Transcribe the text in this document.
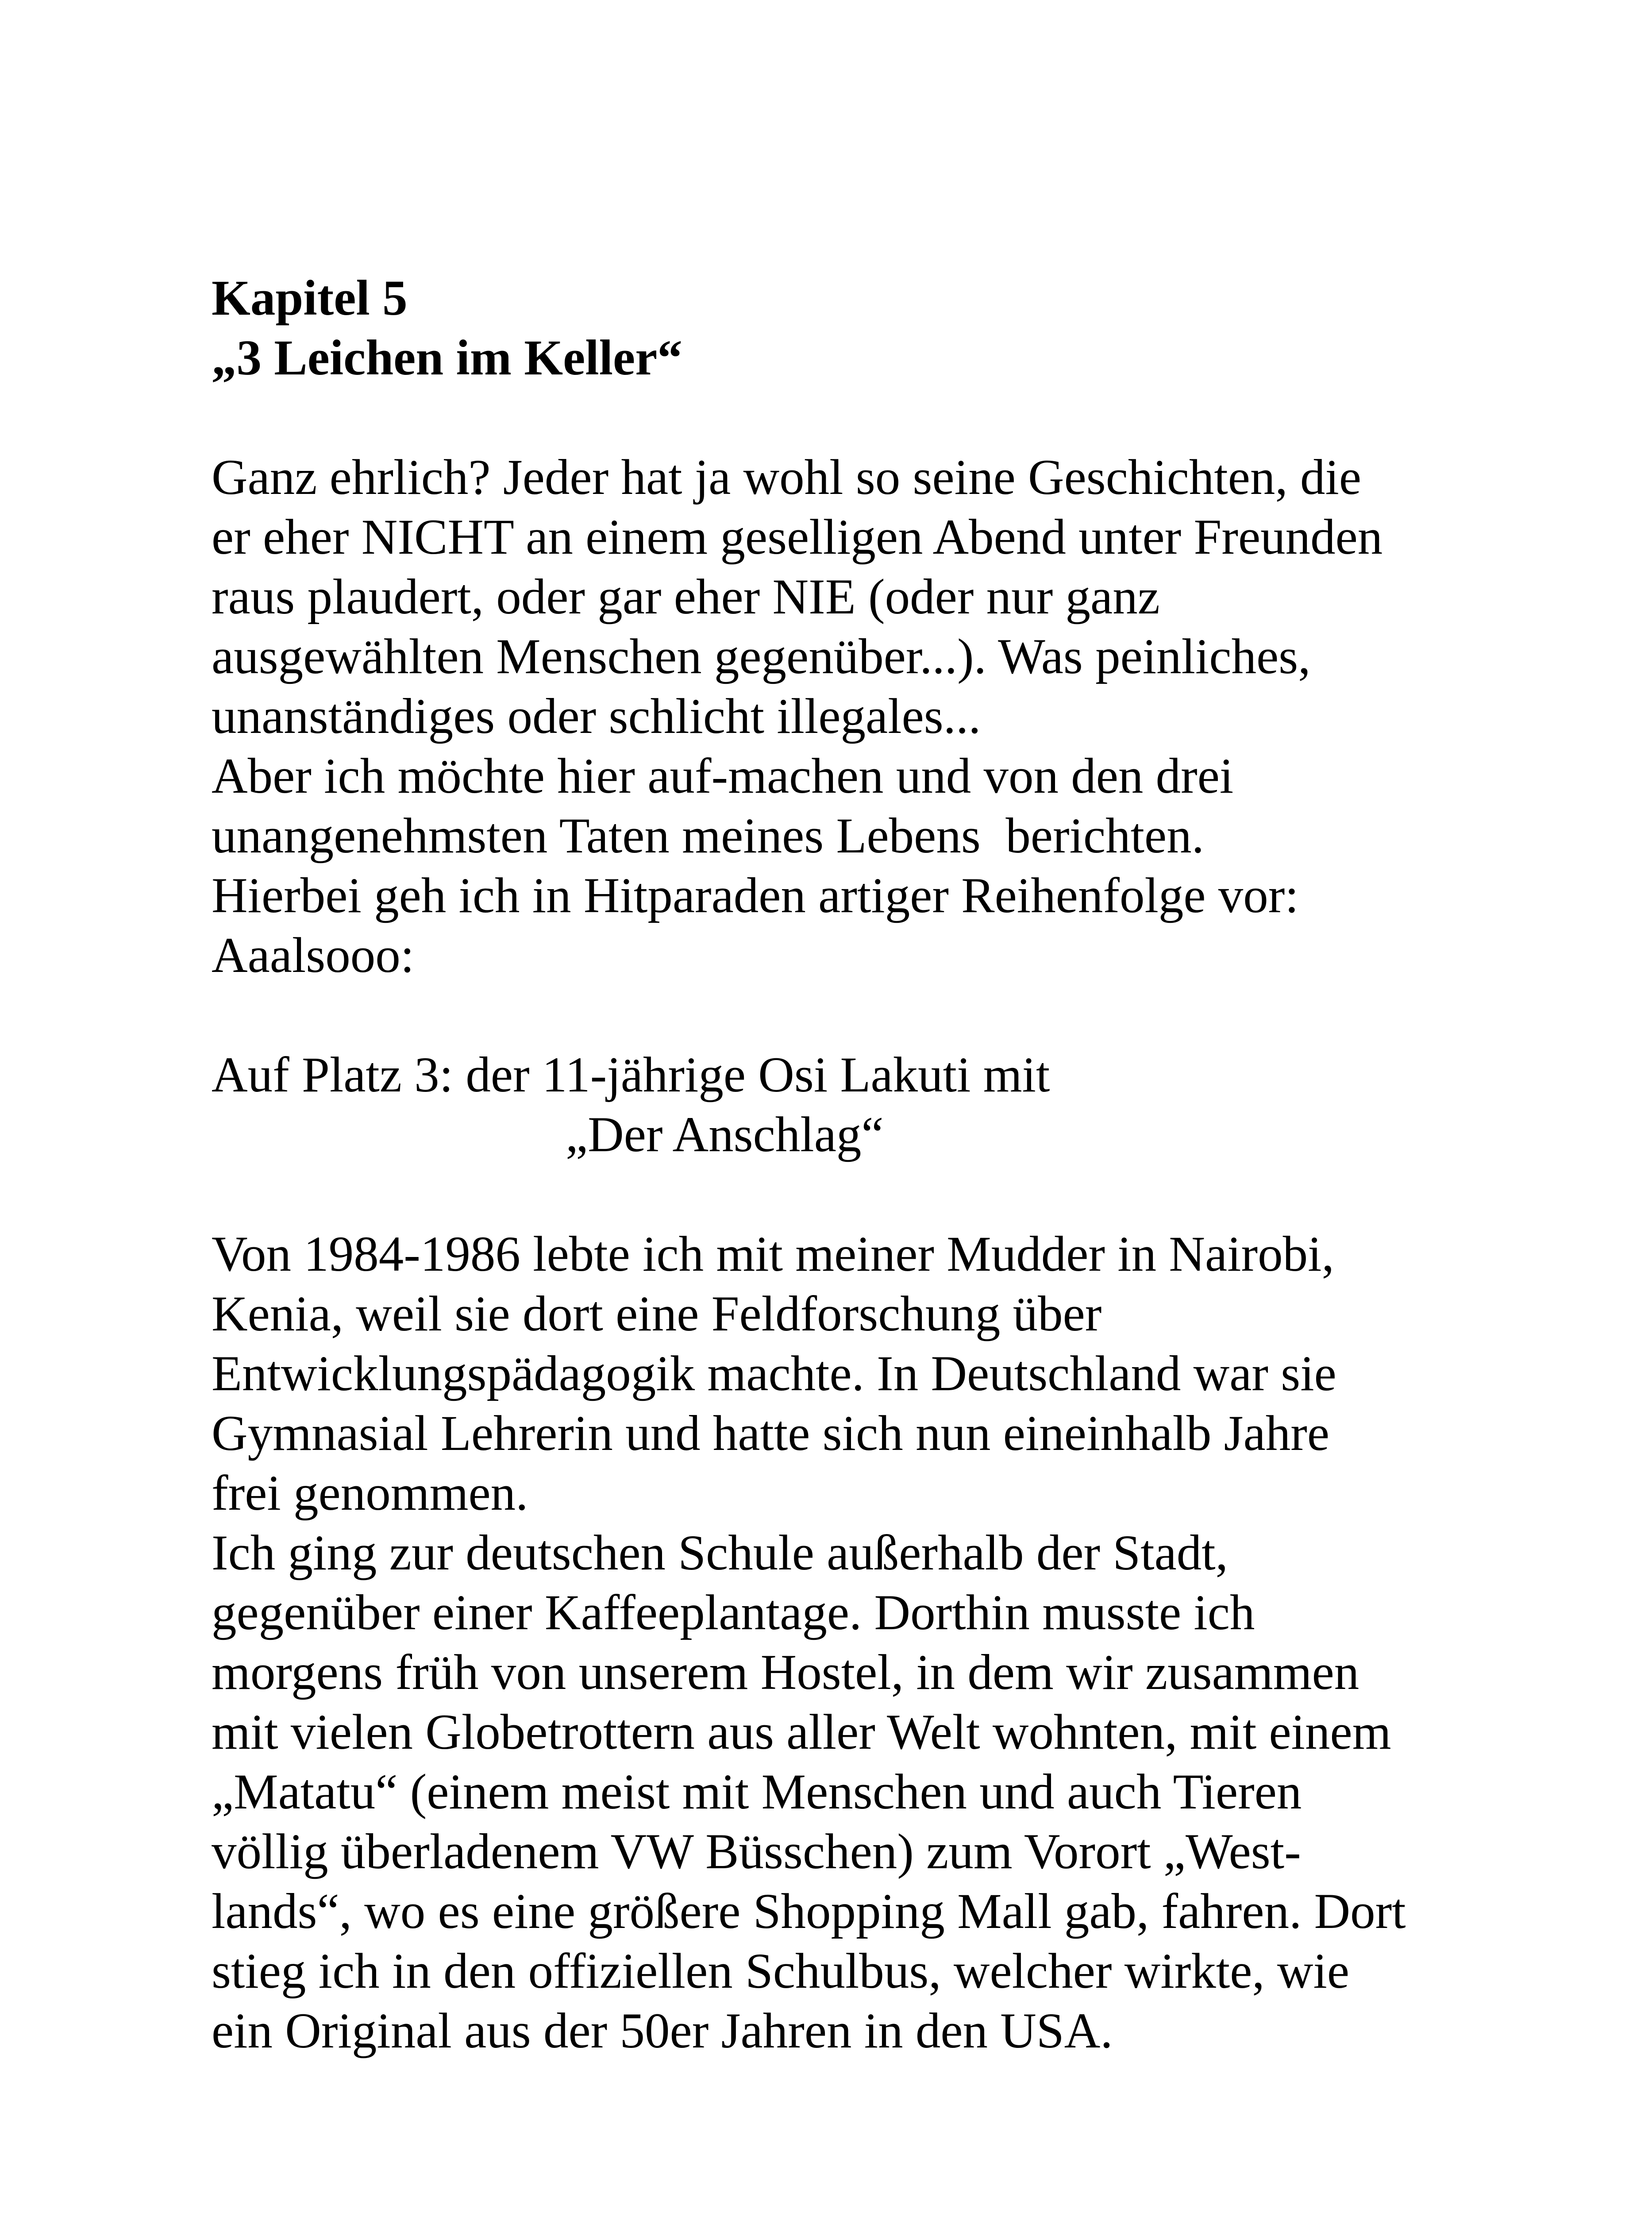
Kapitel 5
„3 Leichen im Keller“
Ganz ehrlich? Jeder hat ja wohl so seine Geschichten, die
er eher NICHT an einem geselligen Abend unter Freunden
raus plaudert, oder gar eher NIE (oder nur ganz
ausgewählten Menschen gegenüber...). Was peinliches,
unanständiges oder schlicht illegales...
Aber ich möchte hier auf-machen und von den drei
unangenehmsten Taten meines Lebens  berichten.
Hierbei geh ich in Hitparaden artiger Reihenfolge vor:
Aaalsooo:
Auf Platz 3: der 11-jährige Osi Lakuti mit
„Der Anschlag“
Von 1984-1986 lebte ich mit meiner Mudder in Nairobi,
Kenia, weil sie dort eine Feldforschung über
Entwicklungspädagogik machte. In Deutschland war sie
Gymnasial Lehrerin und hatte sich nun eineinhalb Jahre
frei genommen.
Ich ging zur deutschen Schule außerhalb der Stadt,
gegenüber einer Kaffeeplantage. Dorthin musste ich
morgens früh von unserem Hostel, in dem wir zusammen
mit vielen Globetrottern aus aller Welt wohnten, mit einem
„Matatu“ (einem meist mit Menschen und auch Tieren
völlig überladenem VW Büsschen) zum Vorort „West-
lands“, wo es eine größere Shopping Mall gab, fahren. Dort
stieg ich in den offiziellen Schulbus, welcher wirkte, wie
ein Original aus der 50er Jahren in den USA.
